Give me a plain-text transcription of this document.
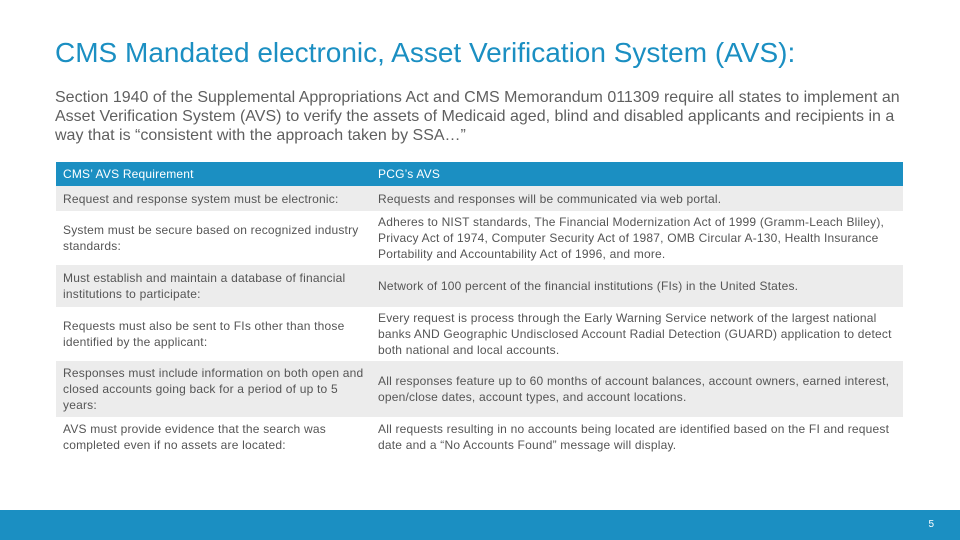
CMS Mandated electronic, Asset Verification System (AVS):
Section 1940 of the Supplemental Appropriations Act and CMS Memorandum 011309 require all states to implement an Asset Verification System (AVS) to verify the assets of Medicaid aged, blind and disabled applicants and recipients in a way that is “consistent with the approach taken by SSA…”
CMS’ AVS Requirement	PCG’s AVS
Request and response system must be electronic:	Requests and responses will be communicated via web portal.
System must be secure based on recognized industry standards:	Adheres to NIST standards, The Financial Modernization Act of 1999 (Gramm-Leach Bliley), Privacy Act of 1974, Computer Security Act of 1987, OMB Circular A-130, Health Insurance Portability and Accountability Act of 1996, and more.
Must establish and maintain a database of financial institutions to participate:	Network of 100 percent of the financial institutions (FIs) in the United States.
Requests must also be sent to FIs other than those identified by the applicant:	Every request is process through the Early Warning Service network of the largest national banks AND Geographic Undisclosed Account Radial Detection (GUARD) application to detect both national and local accounts.
Responses must include information on both open and closed accounts going back for a period of up to 5 years:	All responses feature up to 60 months of account balances, account owners, earned interest, open/close dates, account types, and account locations.
AVS must provide evidence that the search was completed even if no assets are located:	All requests resulting in no accounts being located are identified based on the FI and request date and a “No Accounts Found” message will display.
5
